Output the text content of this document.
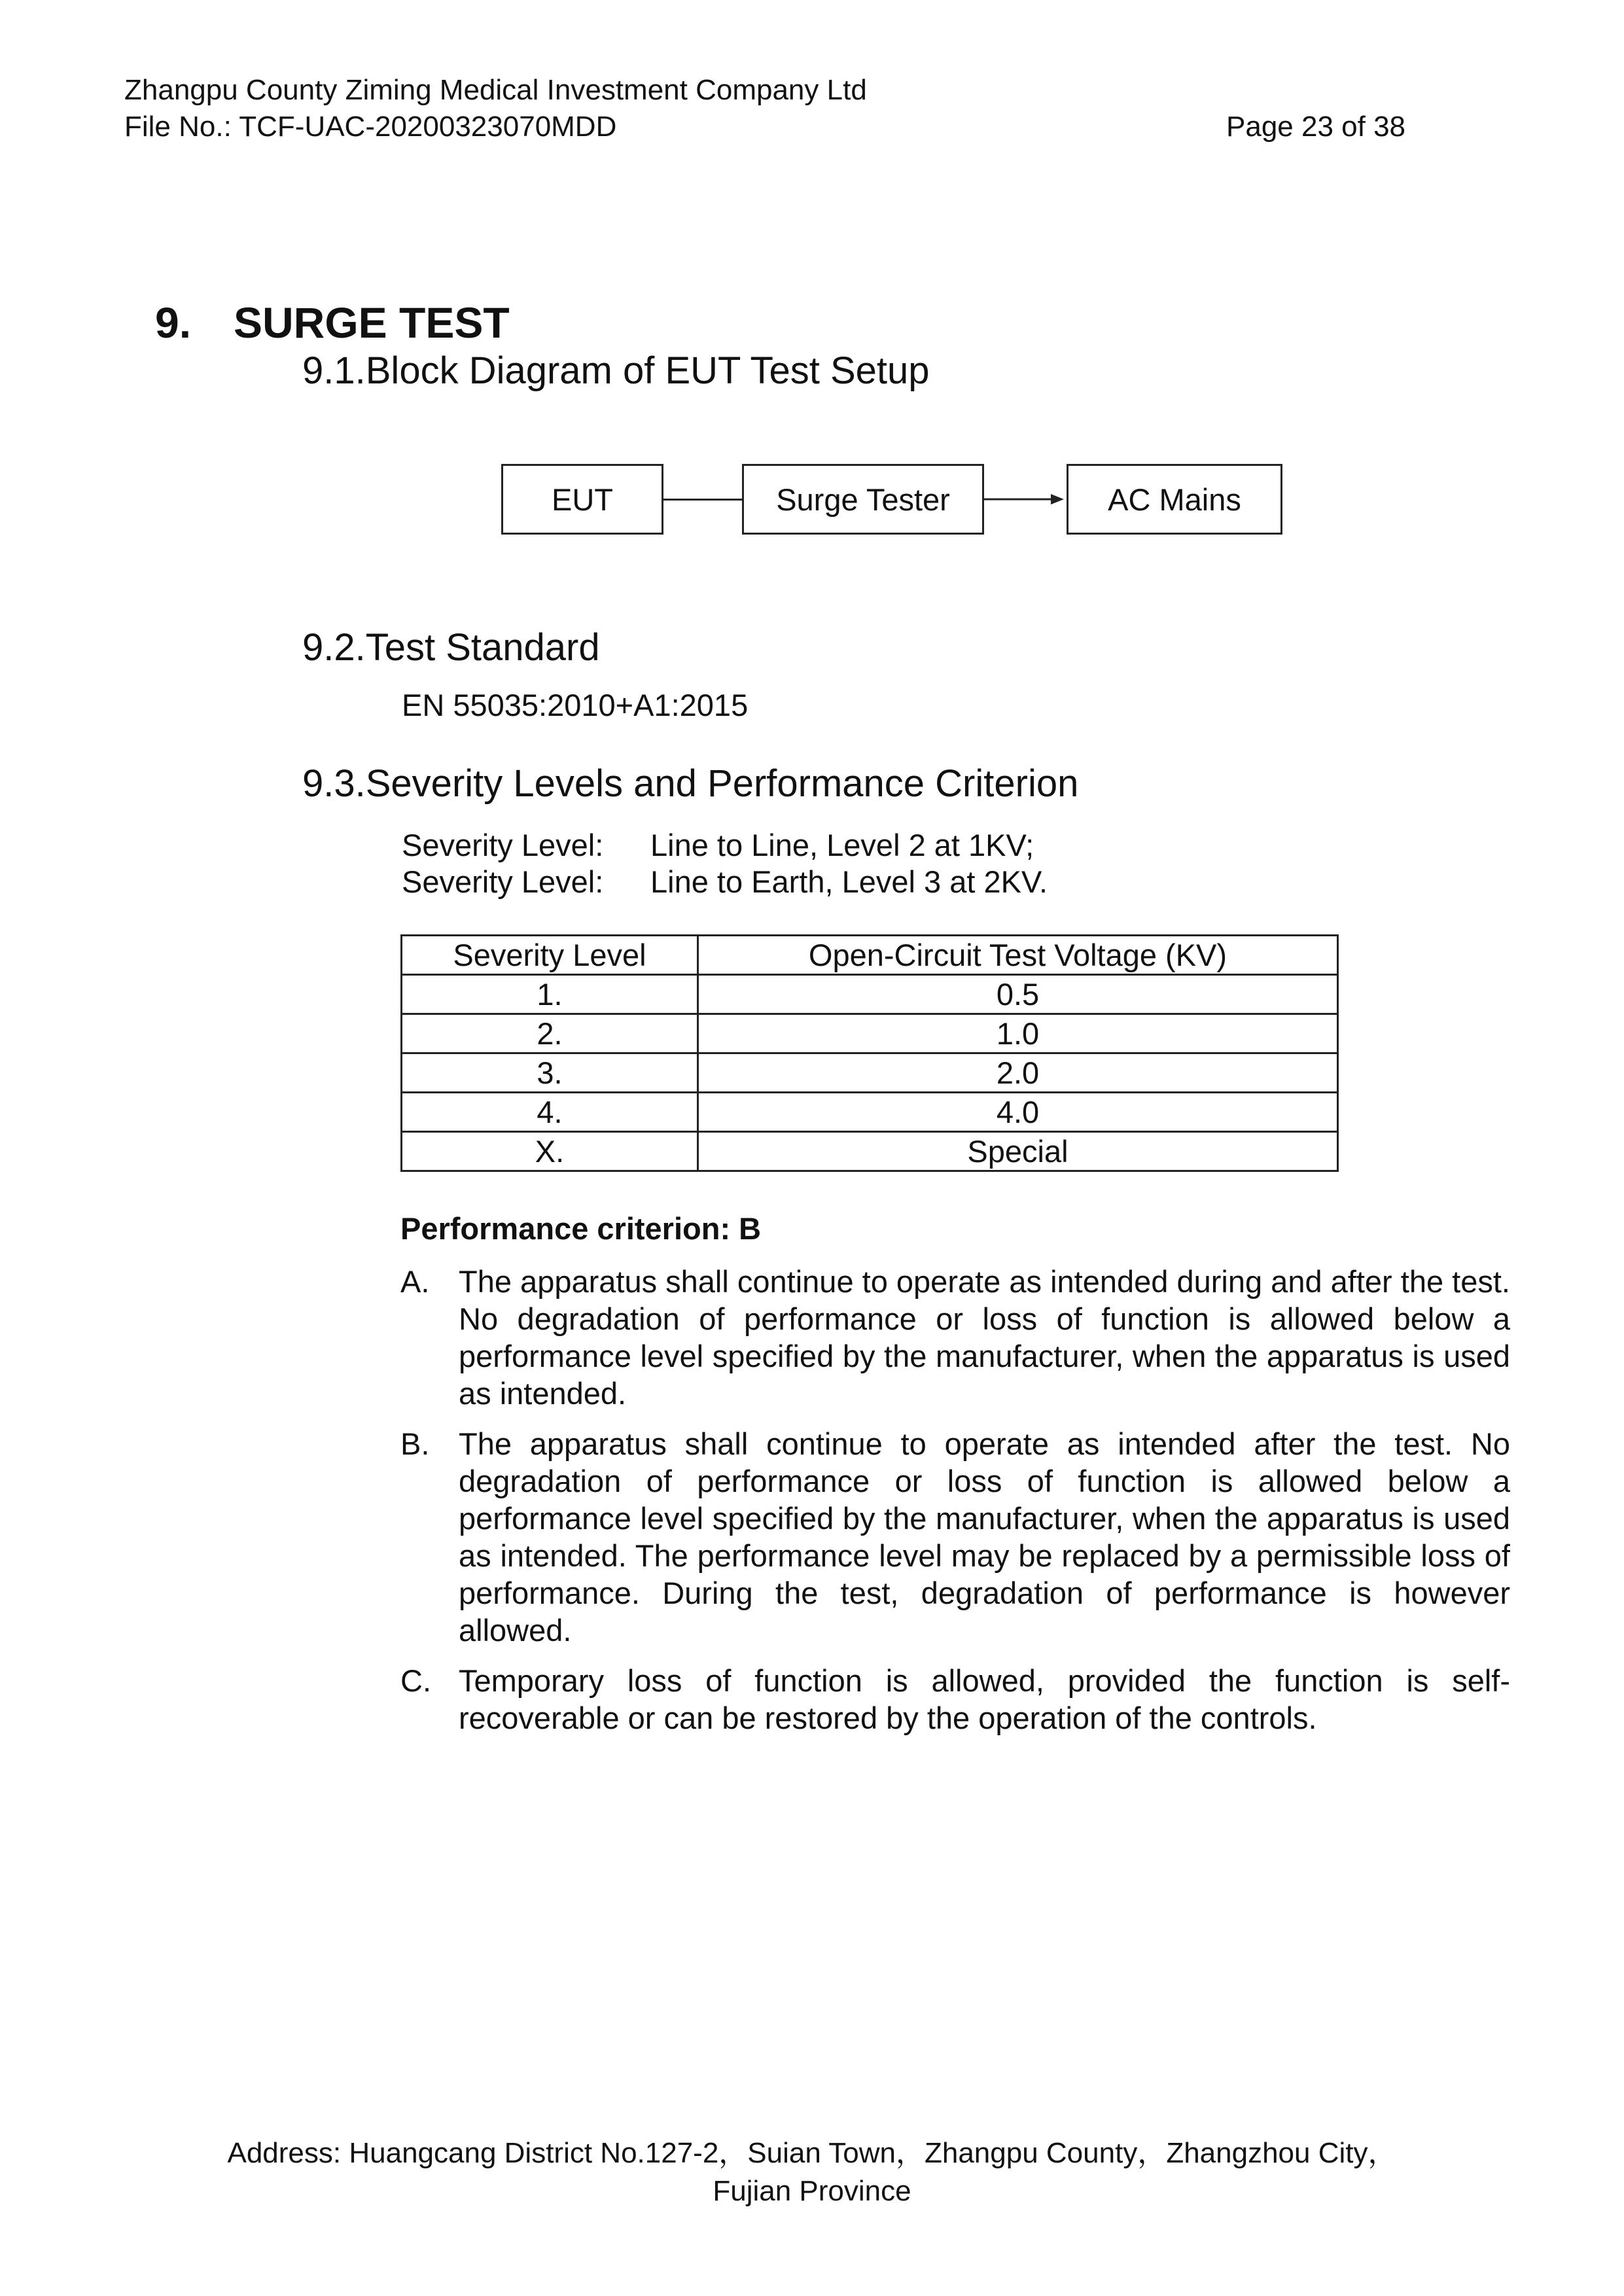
Zhangpu County Ziming Medical Investment Company Ltd
File No.: TCF-UAC-20200323070MDD	Page 23 of 38
9. SURGE TEST
9.1.Block Diagram of EUT Test Setup
EUT	Surge Tester	AC Mains
9.2.Test Standard
EN 55035:2010+A1:2015
9.3.Severity Levels and Performance Criterion
Severity Level: Line to Line, Level 2 at 1KV;
Severity Level: Line to Earth, Level 3 at 2KV.
Severity Level	Open-Circuit Test Voltage (KV)
1.	0.5
2.	1.0
3.	2.0
4.	4.0
X.	Special
Performance criterion: B
A. The apparatus shall continue to operate as intended during and after the test. No degradation of performance or loss of function is allowed below a performance level specified by the manufacturer, when the apparatus is used as intended.
B. The apparatus shall continue to operate as intended after the test. No degradation of performance or loss of function is allowed below a performance level specified by the manufacturer, when the apparatus is used as intended. The performance level may be replaced by a permissible loss of performance. During the test, degradation of performance is however allowed.
C. Temporary loss of function is allowed, provided the function is self-recoverable or can be restored by the operation of the controls.
Address: Huangcang District No.127-2，Suian Town，Zhangpu County，Zhangzhou City，
Fujian Province
